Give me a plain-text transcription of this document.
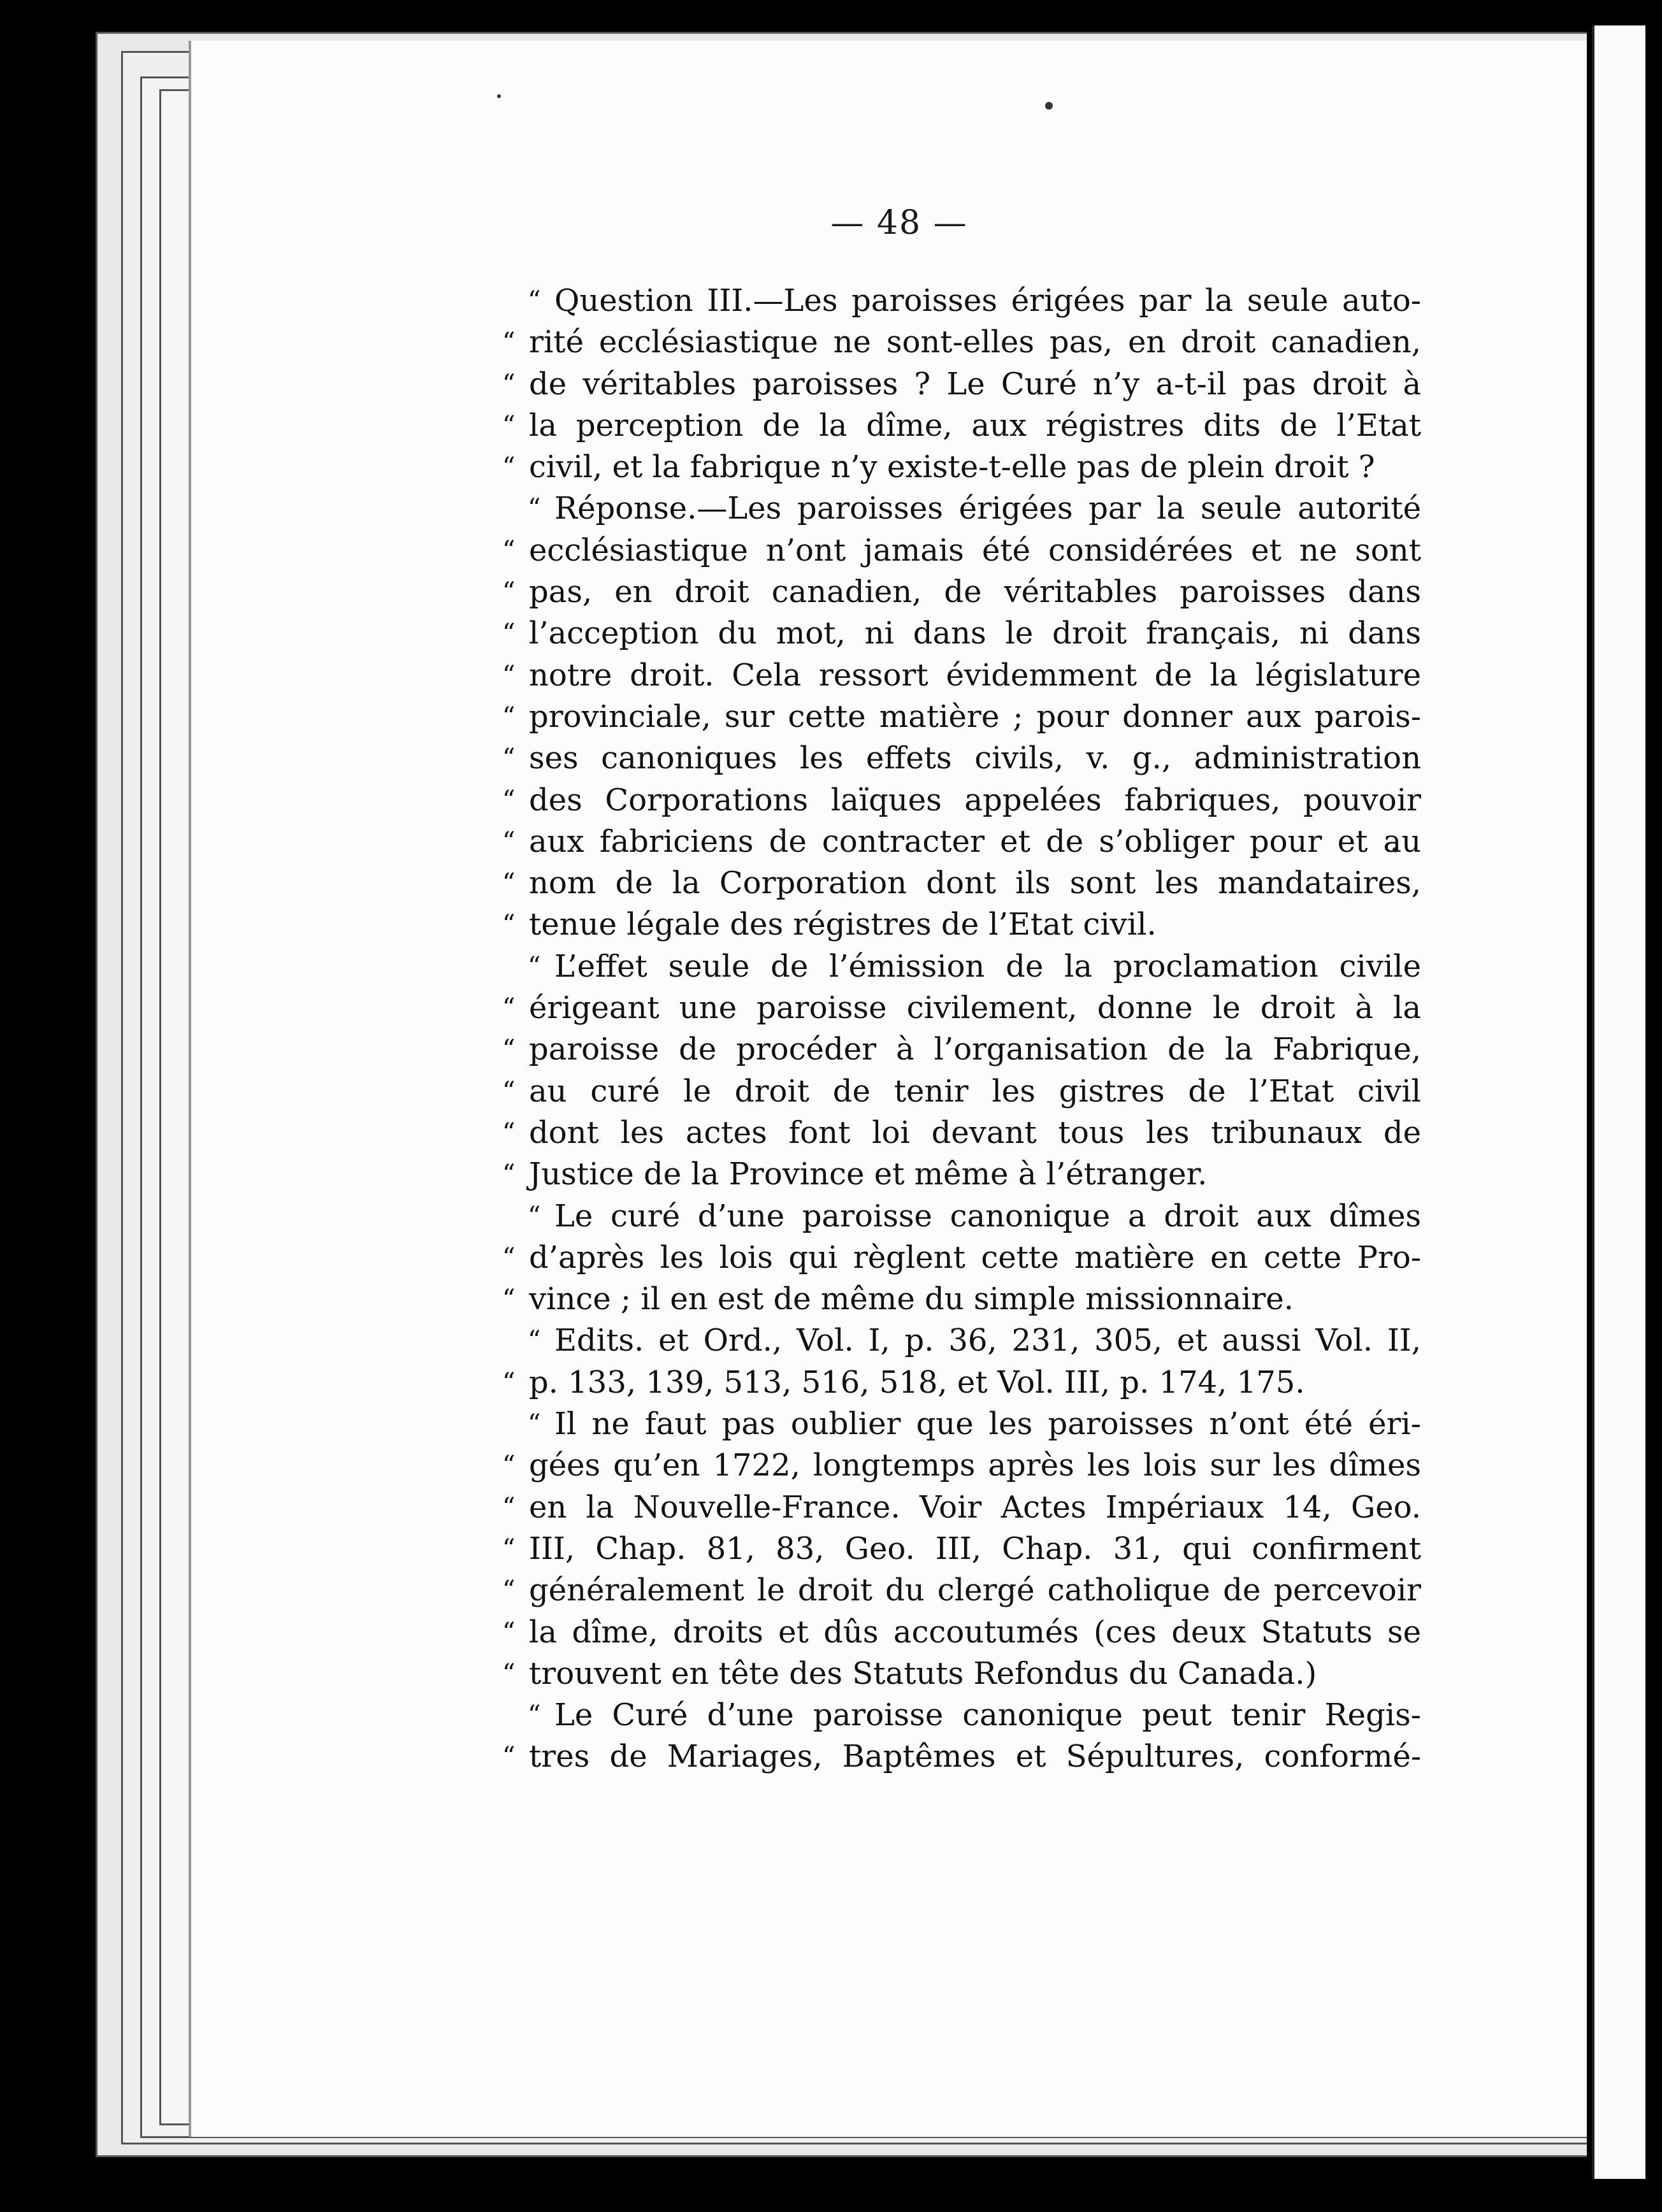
— 48 —
“ Question III.—Les paroisses érigées par la seule auto-
“ rité ecclésiastique ne sont-elles pas, en droit canadien,
“ de véritables paroisses ? Le Curé n’y a-t-il pas droit à
“ la perception de la dîme, aux régistres dits de l’Etat
“ civil, et la fabrique n’y existe-t-elle pas de plein droit ?
“ Réponse.—Les paroisses érigées par la seule autorité
“ ecclésiastique n’ont jamais été considérées et ne sont
“ pas, en droit canadien, de véritables paroisses dans
“ l’acception du mot, ni dans le droit français, ni dans
“ notre droit. Cela ressort évidemment de la législature
“ provinciale, sur cette matière ; pour donner aux parois-
“ ses canoniques les effets civils, v. g., administration
“ des Corporations laïques appelées fabriques, pouvoir
“ aux fabriciens de contracter et de s’obliger pour et au
“ nom de la Corporation dont ils sont les mandataires,
“ tenue légale des régistres de l’Etat civil.
“ L’effet seule de l’émission de la proclamation civile
“ érigeant une paroisse civilement, donne le droit à la
“ paroisse de procéder à l’organisation de la Fabrique,
“ au curé le droit de tenir les gistres de l’Etat civil
“ dont les actes font loi devant tous les tribunaux de
“ Justice de la Province et même à l’étranger.
“ Le curé d’une paroisse canonique a droit aux dîmes
“ d’après les lois qui règlent cette matière en cette Pro-
“ vince ; il en est de même du simple missionnaire.
“ Edits. et Ord., Vol. I, p. 36, 231, 305, et aussi Vol. II,
“ p. 133, 139, 513, 516, 518, et Vol. III, p. 174, 175.
“ Il ne faut pas oublier que les paroisses n’ont été éri-
“ gées qu’en 1722, longtemps après les lois sur les dîmes
“ en la Nouvelle-France. Voir Actes Impériaux 14, Geo.
“ III, Chap. 81, 83, Geo. III, Chap. 31, qui confirment
“ généralement le droit du clergé catholique de percevoir
“ la dîme, droits et dûs accoutumés (ces deux Statuts se
“ trouvent en tête des Statuts Refondus du Canada.)
“ Le Curé d’une paroisse canonique peut tenir Regis-
“ tres de Mariages, Baptêmes et Sépultures, conformé-
